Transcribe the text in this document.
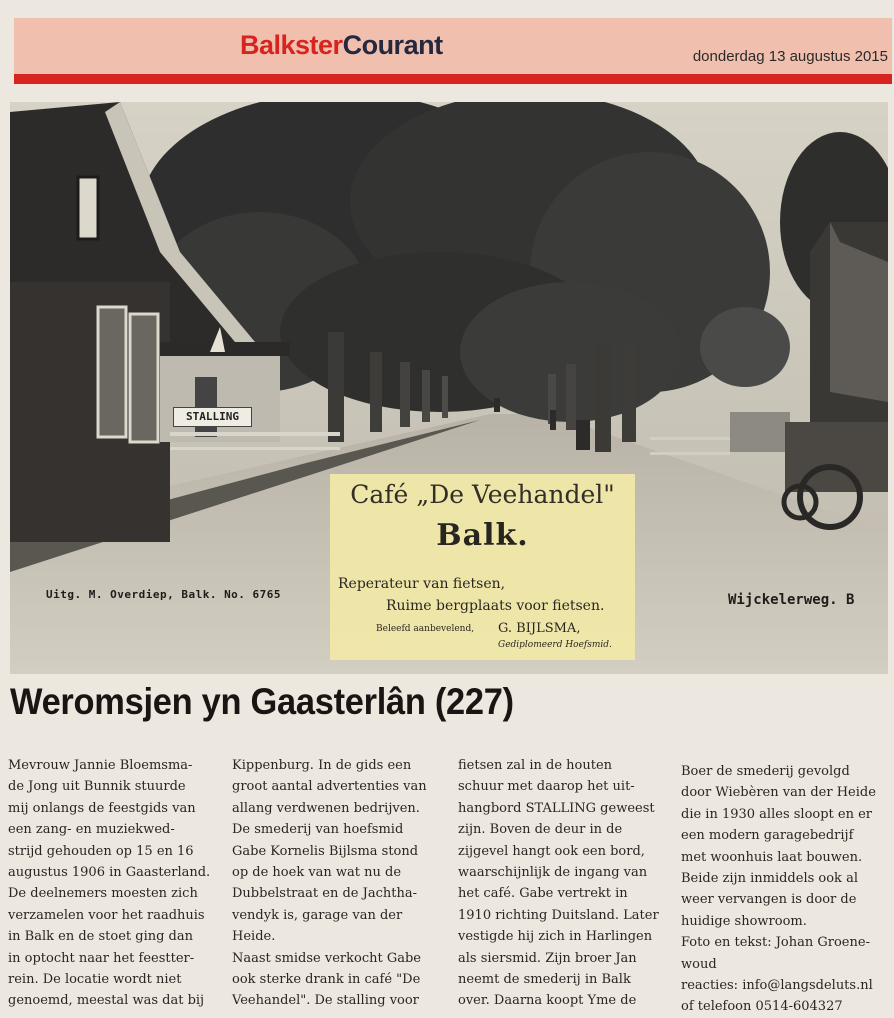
BalksterCourant	donderdag 13 augustus 2015
STALLING
Uitg. M. Overdiep, Balk. No. 6765	Wijckelerweg. B
Café „De Veehandel"
Balk.
Reperateur van fietsen,
Ruime bergplaats voor fietsen.
Beleefd aanbevelend, G. BIJLSMA,
Gediplomeerd Hoefsmid.
Weromsjen yn Gaasterlân (227)
Mevrouw Jannie Bloemsma-
de Jong uit Bunnik stuurde
mij onlangs de feestgids van
een zang- en muziekwed-
strijd gehouden op 15 en 16
augustus 1906 in Gaasterland.
De deelnemers moesten zich
verzamelen voor het raadhuis
in Balk en de stoet ging dan
in optocht naar het feestter-
rein. De locatie wordt niet
genoemd, meestal was dat bij
Kippenburg. In de gids een
groot aantal advertenties van
allang verdwenen bedrijven.
De smederij van hoefsmid
Gabe Kornelis Bijlsma stond
op de hoek van wat nu de
Dubbelstraat en de Jachtha-
vendyk is, garage van der
Heide.
Naast smidse verkocht Gabe
ook sterke drank in café "De
Veehandel". De stalling voor
fietsen zal in de houten
schuur met daarop het uit-
hangbord STALLING geweest
zijn. Boven de deur in de
zijgevel hangt ook een bord,
waarschijnlijk de ingang van
het café. Gabe vertrekt in
1910 richting Duitsland. Later
vestigde hij zich in Harlingen
als siersmid. Zijn broer Jan
neemt de smederij in Balk
over. Daarna koopt Yme de
Boer de smederij gevolgd
door Wiebèren van der Heide
die in 1930 alles sloopt en er
een modern garagebedrijf
met woonhuis laat bouwen.
Beide zijn inmiddels ook al
weer vervangen is door de
huidige showroom.
Foto en tekst: Johan Groene-
woud
reacties: info@langsdeluts.nl
of telefoon 0514-604327
